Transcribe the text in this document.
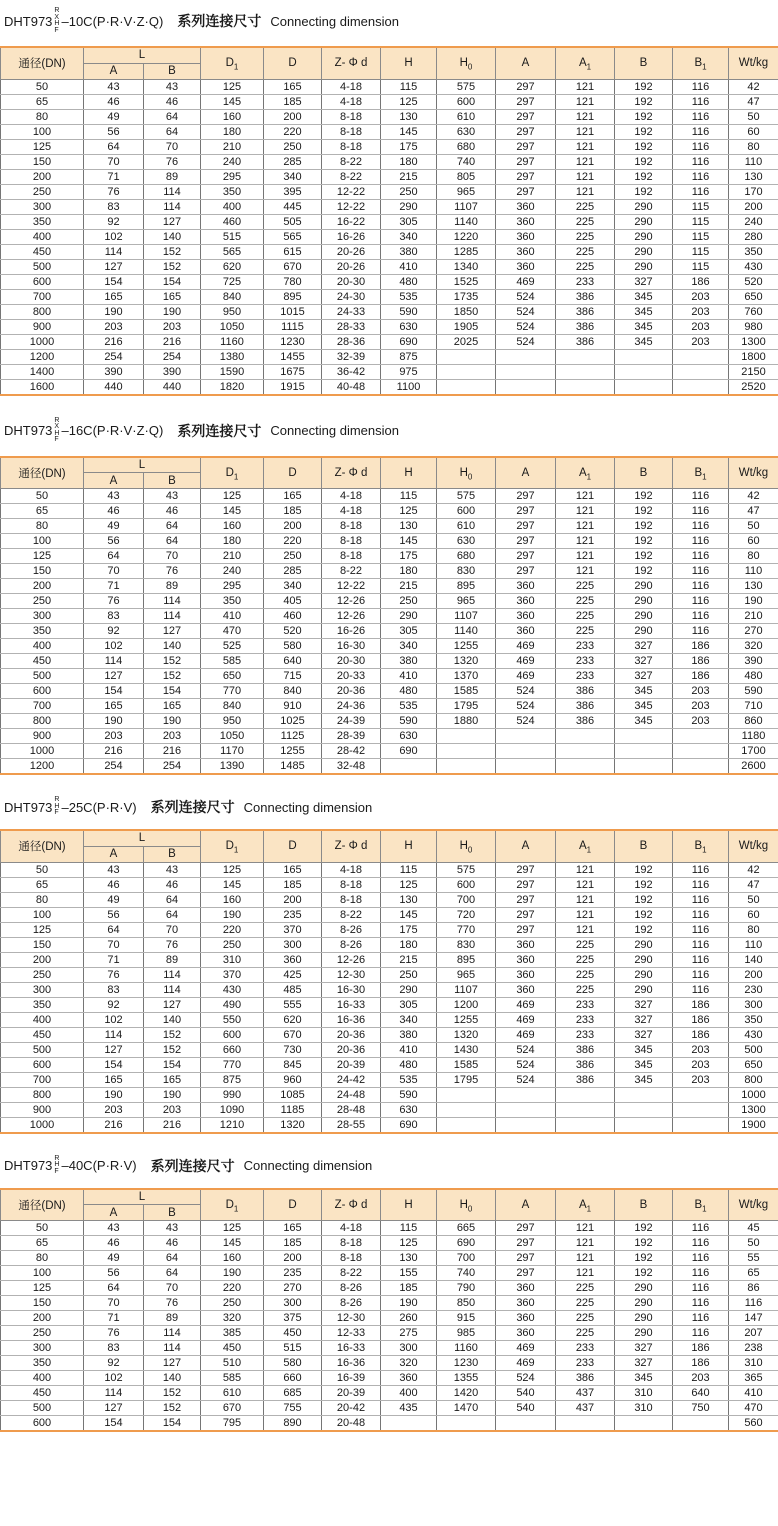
DHT973
R
X
H
F
–10C(P·R·V·Z·Q) 系列连接尺寸 Connecting dimension
通径(DN)	L		$D_1$	D	Z- Φ d	H	$H_0$	A	$A_1$	B	$B_1$	Wt/kg
	A	B										
50	43	43	125	165	4-18	115	575	297	121	192	116	42
65	46	46	145	185	4-18	125	600	297	121	192	116	47
80	49	64	160	200	8-18	130	610	297	121	192	116	50
100	56	64	180	220	8-18	145	630	297	121	192	116	60
125	64	70	210	250	8-18	175	680	297	121	192	116	80
150	70	76	240	285	8-22	180	740	297	121	192	116	110
200	71	89	295	340	8-22	215	805	297	121	192	116	130
250	76	114	350	395	12-22	250	965	297	121	192	116	170
300	83	114	400	445	12-22	290	1107	360	225	290	115	200
350	92	127	460	505	16-22	305	1140	360	225	290	115	240
400	102	140	515	565	16-26	340	1220	360	225	290	115	280
450	114	152	565	615	20-26	380	1285	360	225	290	115	350
500	127	152	620	670	20-26	410	1340	360	225	290	115	430
600	154	154	725	780	20-30	480	1525	469	233	327	186	520
700	165	165	840	895	24-30	535	1735	524	386	345	203	650
800	190	190	950	1015	24-33	590	1850	524	386	345	203	760
900	203	203	1050	1115	28-33	630	1905	524	386	345	203	980
1000	216	216	1160	1230	28-36	690	2025	524	386	345	203	1300
1200	254	254	1380	1455	32-39	875						1800
1400	390	390	1590	1675	36-42	975						2150
1600	440	440	1820	1915	40-48	1100						2520
DHT973
R
X
H
F
–16C(P·R·V·Z·Q) 系列连接尺寸 Connecting dimension
通径(DN)	L		$D_1$	D	Z- Φ d	H	$H_0$	A	$A_1$	B	$B_1$	Wt/kg
	A	B										
50	43	43	125	165	4-18	115	575	297	121	192	116	42
65	46	46	145	185	4-18	125	600	297	121	192	116	47
80	49	64	160	200	8-18	130	610	297	121	192	116	50
100	56	64	180	220	8-18	145	630	297	121	192	116	60
125	64	70	210	250	8-18	175	680	297	121	192	116	80
150	70	76	240	285	8-22	180	830	297	121	192	116	110
200	71	89	295	340	12-22	215	895	360	225	290	116	130
250	76	114	350	405	12-26	250	965	360	225	290	116	190
300	83	114	410	460	12-26	290	1107	360	225	290	116	210
350	92	127	470	520	16-26	305	1140	360	225	290	116	270
400	102	140	525	580	16-30	340	1255	469	233	327	186	320
450	114	152	585	640	20-30	380	1320	469	233	327	186	390
500	127	152	650	715	20-33	410	1370	469	233	327	186	480
600	154	154	770	840	20-36	480	1585	524	386	345	203	590
700	165	165	840	910	24-36	535	1795	524	386	345	203	710
800	190	190	950	1025	24-39	590	1880	524	386	345	203	860
900	203	203	1050	1125	28-39	630						1180
1000	216	216	1170	1255	28-42	690						1700
1200	254	254	1390	1485	32-48							2600
DHT973 R
H
F –25C(P·R·V) 系列连接尺寸 Connecting dimension
通径(DN)	L		$D_1$	D	Z- Φ d	H	$H_0$	A	$A_1$	B	$B_1$	Wt/kg
	A	B										
50	43	43	125	165	4-18	115	575	297	121	192	116	42
65	46	46	145	185	8-18	125	600	297	121	192	116	47
80	49	64	160	200	8-18	130	700	297	121	192	116	50
100	56	64	190	235	8-22	145	720	297	121	192	116	60
125	64	70	220	370	8-26	175	770	297	121	192	116	80
150	70	76	250	300	8-26	180	830	360	225	290	116	110
200	71	89	310	360	12-26	215	895	360	225	290	116	140
250	76	114	370	425	12-30	250	965	360	225	290	116	200
300	83	114	430	485	16-30	290	1107	360	225	290	116	230
350	92	127	490	555	16-33	305	1200	469	233	327	186	300
400	102	140	550	620	16-36	340	1255	469	233	327	186	350
450	114	152	600	670	20-36	380	1320	469	233	327	186	430
500	127	152	660	730	20-36	410	1430	524	386	345	203	500
600	154	154	770	845	20-39	480	1585	524	386	345	203	650
700	165	165	875	960	24-42	535	1795	524	386	345	203	800
800	190	190	990	1085	24-48	590						1000
900	203	203	1090	1185	28-48	630						1300
1000	216	216	1210	1320	28-55	690						1900
DHT973 R
H
F –40C(P·R·V) 系列连接尺寸 Connecting dimension
通径(DN)	L		$D_1$	D	Z- Φ d	H	$H_0$	A	$A_1$	B	$B_1$	Wt/kg
	A	B										
50	43	43	125	165	4-18	115	665	297	121	192	116	45
65	46	46	145	185	8-18	125	690	297	121	192	116	50
80	49	64	160	200	8-18	130	700	297	121	192	116	55
100	56	64	190	235	8-22	155	740	297	121	192	116	65
125	64	70	220	270	8-26	185	790	360	225	290	116	86
150	70	76	250	300	8-26	190	850	360	225	290	116	116
200	71	89	320	375	12-30	260	915	360	225	290	116	147
250	76	114	385	450	12-33	275	985	360	225	290	116	207
300	83	114	450	515	16-33	300	1160	469	233	327	186	238
350	92	127	510	580	16-36	320	1230	469	233	327	186	310
400	102	140	585	660	16-39	360	1355	524	386	345	203	365
450	114	152	610	685	20-39	400	1420	540	437	310	640	410
500	127	152	670	755	20-42	435	1470	540	437	310	750	470
600	154	154	795	890	20-48							560
